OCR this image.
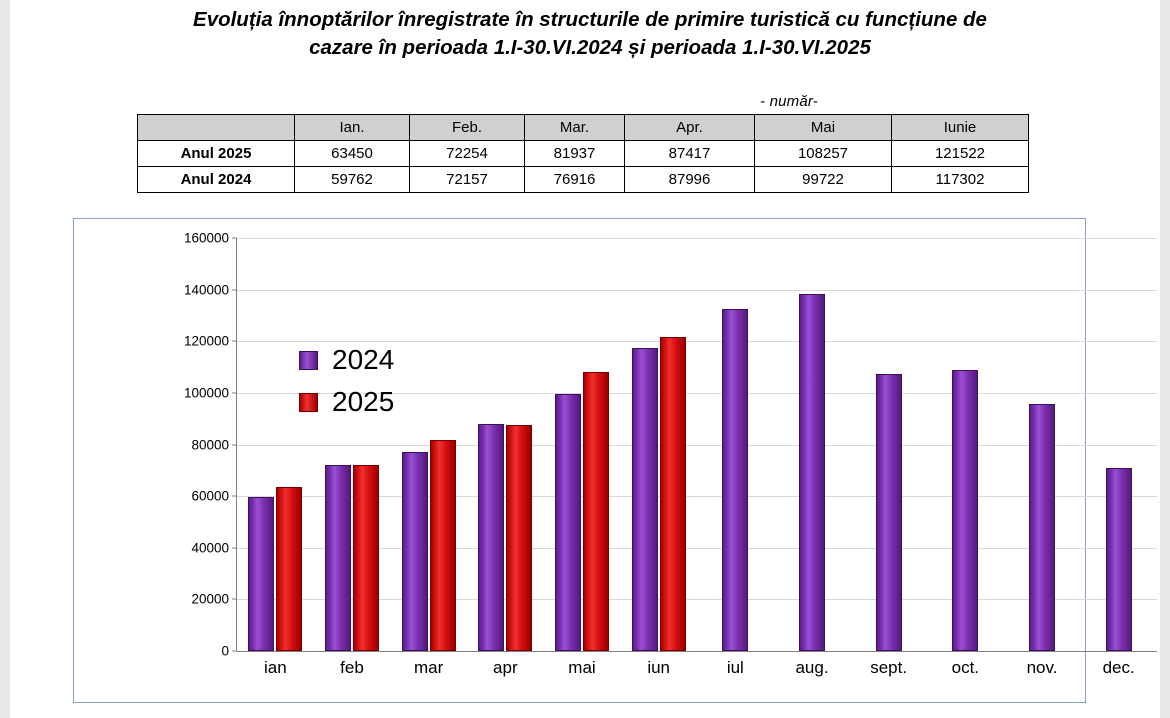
Evoluția înnoptărilor înregistrate în structurile de primire turistică cu funcțiune de
cazare în perioada 1.I-30.VI.2024 și perioada 1.I-30.VI.2025
- număr-
	Ian.	Feb.	Mar.	Apr.	Mai	Iunie
Anul 2025	63450	72254	81937	87417	108257	121522
Anul 2024	59762	72157	76916	87996	99722	117302
0
20000
40000
60000
80000
100000
120000
140000
160000
ian	feb	mar	apr	mai	iun	iul	aug. sept.	oct.	nov.	dec.
2024
2025
